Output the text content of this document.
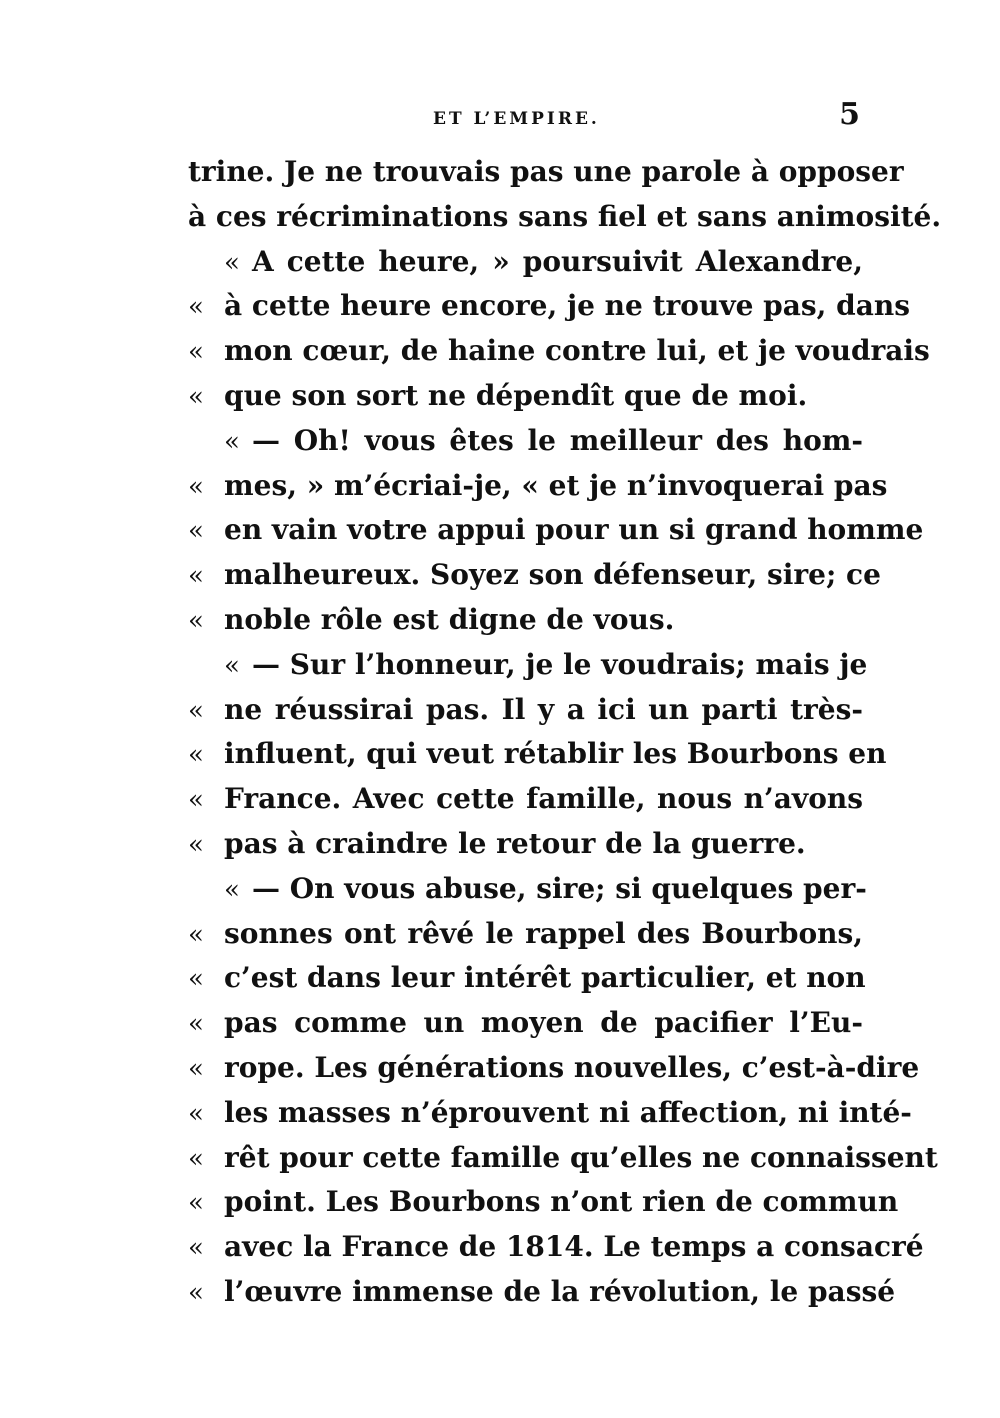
ET L’EMPIRE.	5
trine. Je ne trouvais pas une parole à opposer
à ces récriminations sans fiel et sans animosité.
« A cette heure, » poursuivit Alexandre,
« à cette heure encore, je ne trouve pas, dans
« mon cœur, de haine contre lui, et je voudrais
« que son sort ne dépendît que de moi.
« — Oh! vous êtes le meilleur des hom-
« mes, » m’écriai-je, « et je n’invoquerai pas
« en vain votre appui pour un si grand homme
« malheureux. Soyez son défenseur, sire; ce
« noble rôle est digne de vous.
« — Sur l’honneur, je le voudrais; mais je
« ne réussirai pas. Il y a ici un parti très-
« influent, qui veut rétablir les Bourbons en
« France. Avec cette famille, nous n’avons
« pas à craindre le retour de la guerre.
« — On vous abuse, sire; si quelques per-
« sonnes ont rêvé le rappel des Bourbons,
« c’est dans leur intérêt particulier, et non
« pas comme un moyen de pacifier l’Eu-
« rope. Les générations nouvelles, c’est-à-dire
« les masses n’éprouvent ni affection, ni inté-
« rêt pour cette famille qu’elles ne connaissent
« point. Les Bourbons n’ont rien de commun
« avec la France de 1814. Le temps a consacré
« l’œuvre immense de la révolution, le passé
